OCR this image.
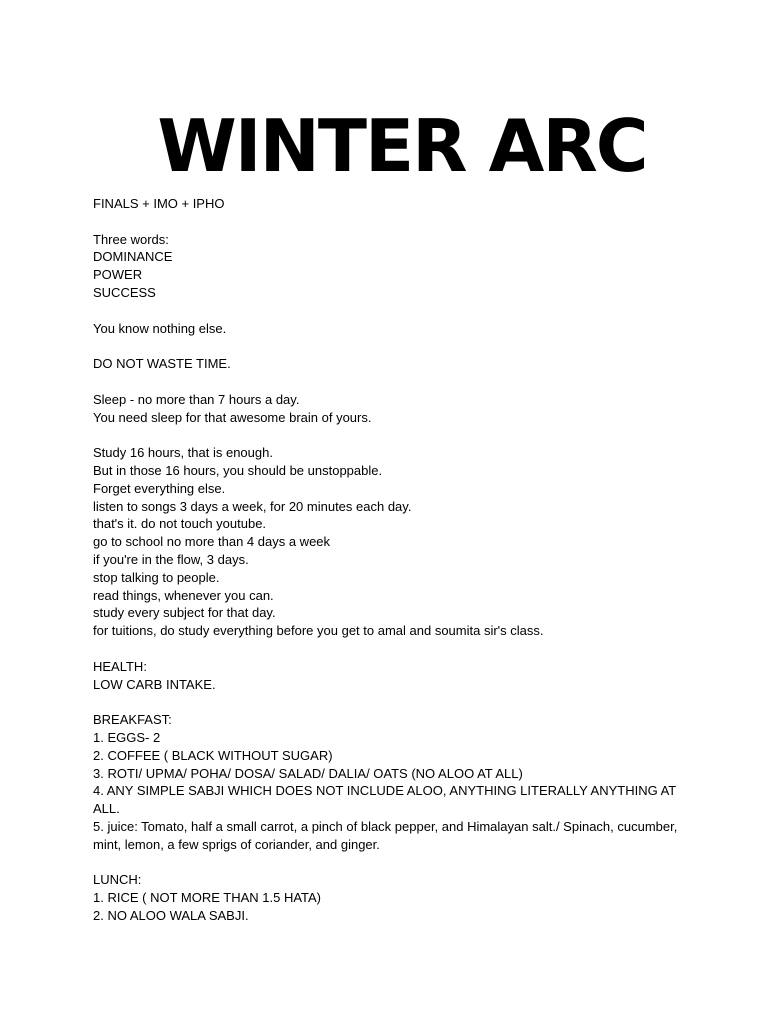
WINTER ARC
FINALS + IMO + IPHO
Three words:
DOMINANCE
POWER
SUCCESS
You know nothing else.
DO NOT WASTE TIME.
Sleep - no more than 7 hours a day.
You need sleep for that awesome brain of yours.
Study 16 hours, that is enough.
But in those 16 hours, you should be unstoppable.
Forget everything else.
listen to songs 3 days a week, for 20 minutes each day.
that's it. do not touch youtube.
go to school no more than 4 days a week
if you're in the flow, 3 days.
stop talking to people.
read things, whenever you can.
study every subject for that day.
for tuitions, do study everything before you get to amal and soumita sir's class.
HEALTH:
LOW CARB INTAKE.
BREAKFAST:
1. EGGS- 2
2. COFFEE ( BLACK WITHOUT SUGAR)
3. ROTI/ UPMA/ POHA/ DOSA/ SALAD/ DALIA/ OATS (NO ALOO AT ALL)
4. ANY SIMPLE SABJI WHICH DOES NOT INCLUDE ALOO, ANYTHING LITERALLY ANYTHING AT ALL.
5. juice: Tomato, half a small carrot, a pinch of black pepper, and Himalayan salt./ Spinach, cucumber, mint, lemon, a few sprigs of coriander, and ginger.
LUNCH:
1. RICE ( NOT MORE THAN 1.5 HATA)
2. NO ALOO WALA SABJI.
